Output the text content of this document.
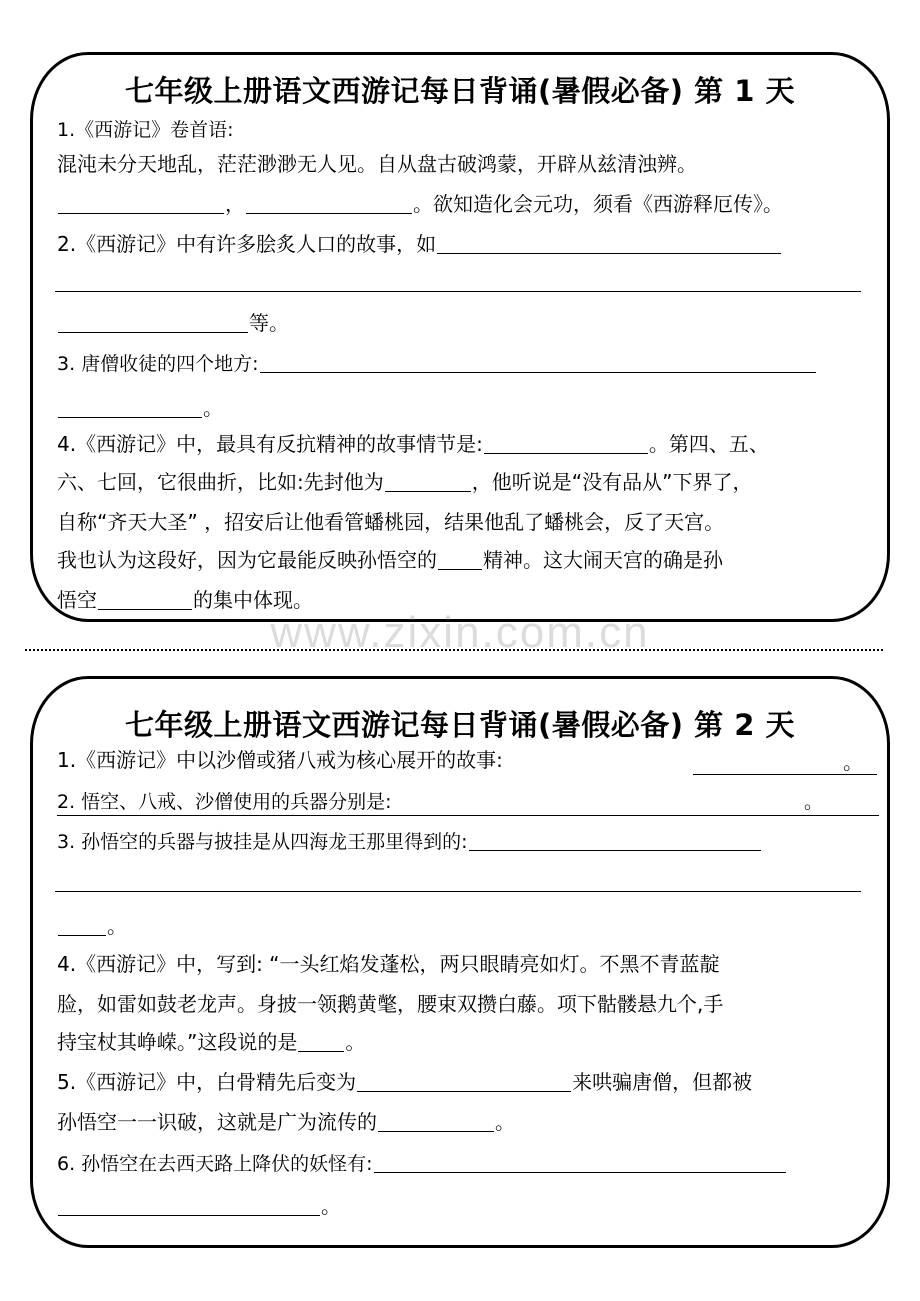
七年级上册语文西游记每日背诵(暑假必备) 第 1 天
1.《西游记》卷首语:
混沌未分天地乱，茫茫渺渺无人见。自从盘古破鸿蒙，开辟从兹清浊辨。
，	。欲知造化会元功，须看《西游释厄传》。
2.《西游记》中有许多脍炙人口的故事，如
等。
3. 唐僧收徒的四个地方:
。
4.《西游记》中，最具有反抗精神的故事情节是:	。第四、五、
六、七回，它很曲折，比如:先封他为	，他听说是“没有品从”下界了，
自称“齐天大圣” ，招安后让他看管蟠桃园，结果他乱了蟠桃会，反了天宫。
我也认为这段好，因为它最能反映孙悟空的 精神。这大闹天宫的确是孙
悟空	的集中体现。
www.zixin.com.cn
七年级上册语文西游记每日背诵(暑假必备) 第 2 天
1.《西游记》中以沙僧或猪八戒为核心展开的故事:	。
2. 悟空、八戒、沙僧使用的兵器分别是:	。
3. 孙悟空的兵器与披挂是从四海龙王那里得到的:
。
4.《西游记》中，写到: “一头红焰发蓬松，两只眼睛亮如灯。不黑不青蓝靛
脸，如雷如鼓老龙声。身披一领鹅黄氅，腰束双攒白藤。项下骷髅悬九个,手
持宝杖其峥嵘。”这段说的是 。
5.《西游记》中，白骨精先后变为	来哄骗唐僧，但都被
孙悟空一一识破，这就是广为流传的	。
6. 孙悟空在去西天路上降伏的妖怪有:
。
